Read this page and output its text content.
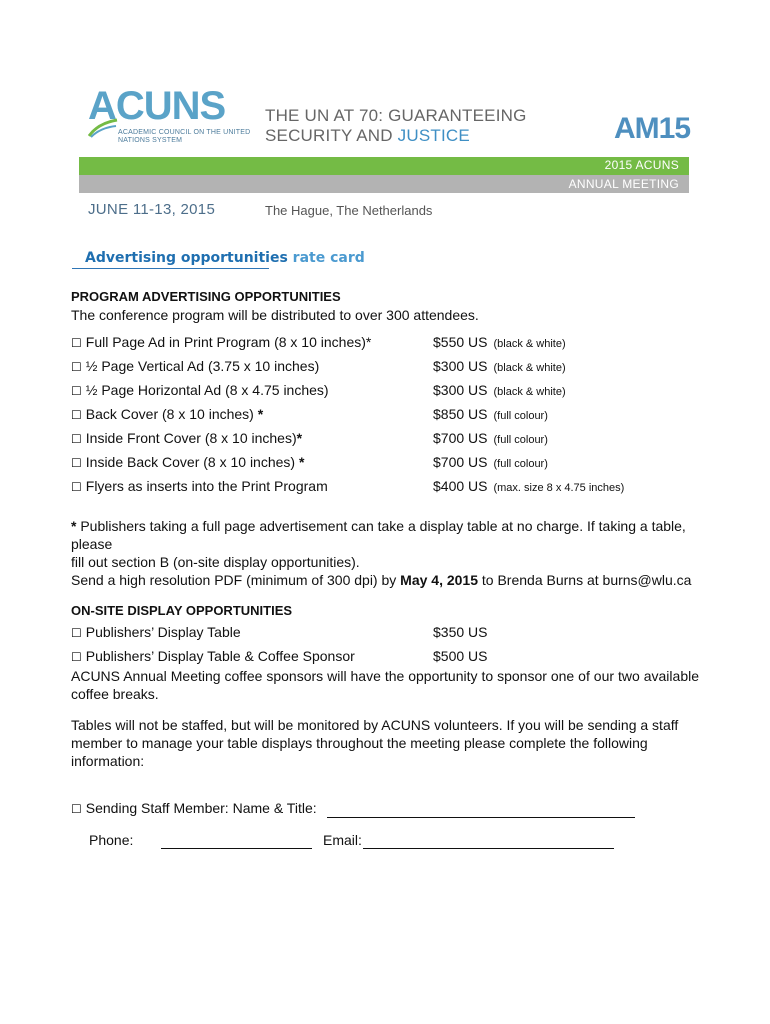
ACUNS
ACADEMIC COUNCIL ON THE UNITED NATIONS SYSTEM
THE UN AT 70: GUARANTEEING
SECURITY AND JUSTICE	AM15
2015 ACUNS
ANNUAL MEETING
JUNE 11-13, 2015	The Hague, The Netherlands
Advertising opportunities rate card
PROGRAM ADVERTISING OPPORTUNITIES
The conference program will be distributed to over 300 attendees.
☐ Full Page Ad in Print Program (8 x 10 inches)*	$550 US (black & white)
☐ ½ Page Vertical Ad (3.75 x 10 inches)	$300 US (black & white)
☐ ½ Page Horizontal Ad (8 x 4.75 inches)	$300 US (black & white)
☐ Back Cover (8 x 10 inches) *	$850 US (full colour)
☐ Inside Front Cover (8 x 10 inches)*	$700 US (full colour)
☐ Inside Back Cover (8 x 10 inches) *	$700 US (full colour)
☐ Flyers as inserts into the Print Program	$400 US (max. size 8 x 4.75 inches)
* Publishers taking a full page advertisement can take a display table at no charge. If taking a table, please
fill out section B (on-site display opportunities).
Send a high resolution PDF (minimum of 300 dpi) by May 4, 2015 to Brenda Burns at burns@wlu.ca
ON-SITE DISPLAY OPPORTUNITIES
☐ Publishers’ Display Table	$350 US
☐ Publishers’ Display Table & Coffee Sponsor	$500 US
ACUNS Annual Meeting coffee sponsors will have the opportunity to sponsor one of our two available coffee breaks.
Tables will not be staffed, but will be monitored by ACUNS volunteers. If you will be sending a staff member to manage your table displays throughout the meeting please complete the following information:
☐ Sending Staff Member: Name & Title:
Phone:	Email:
